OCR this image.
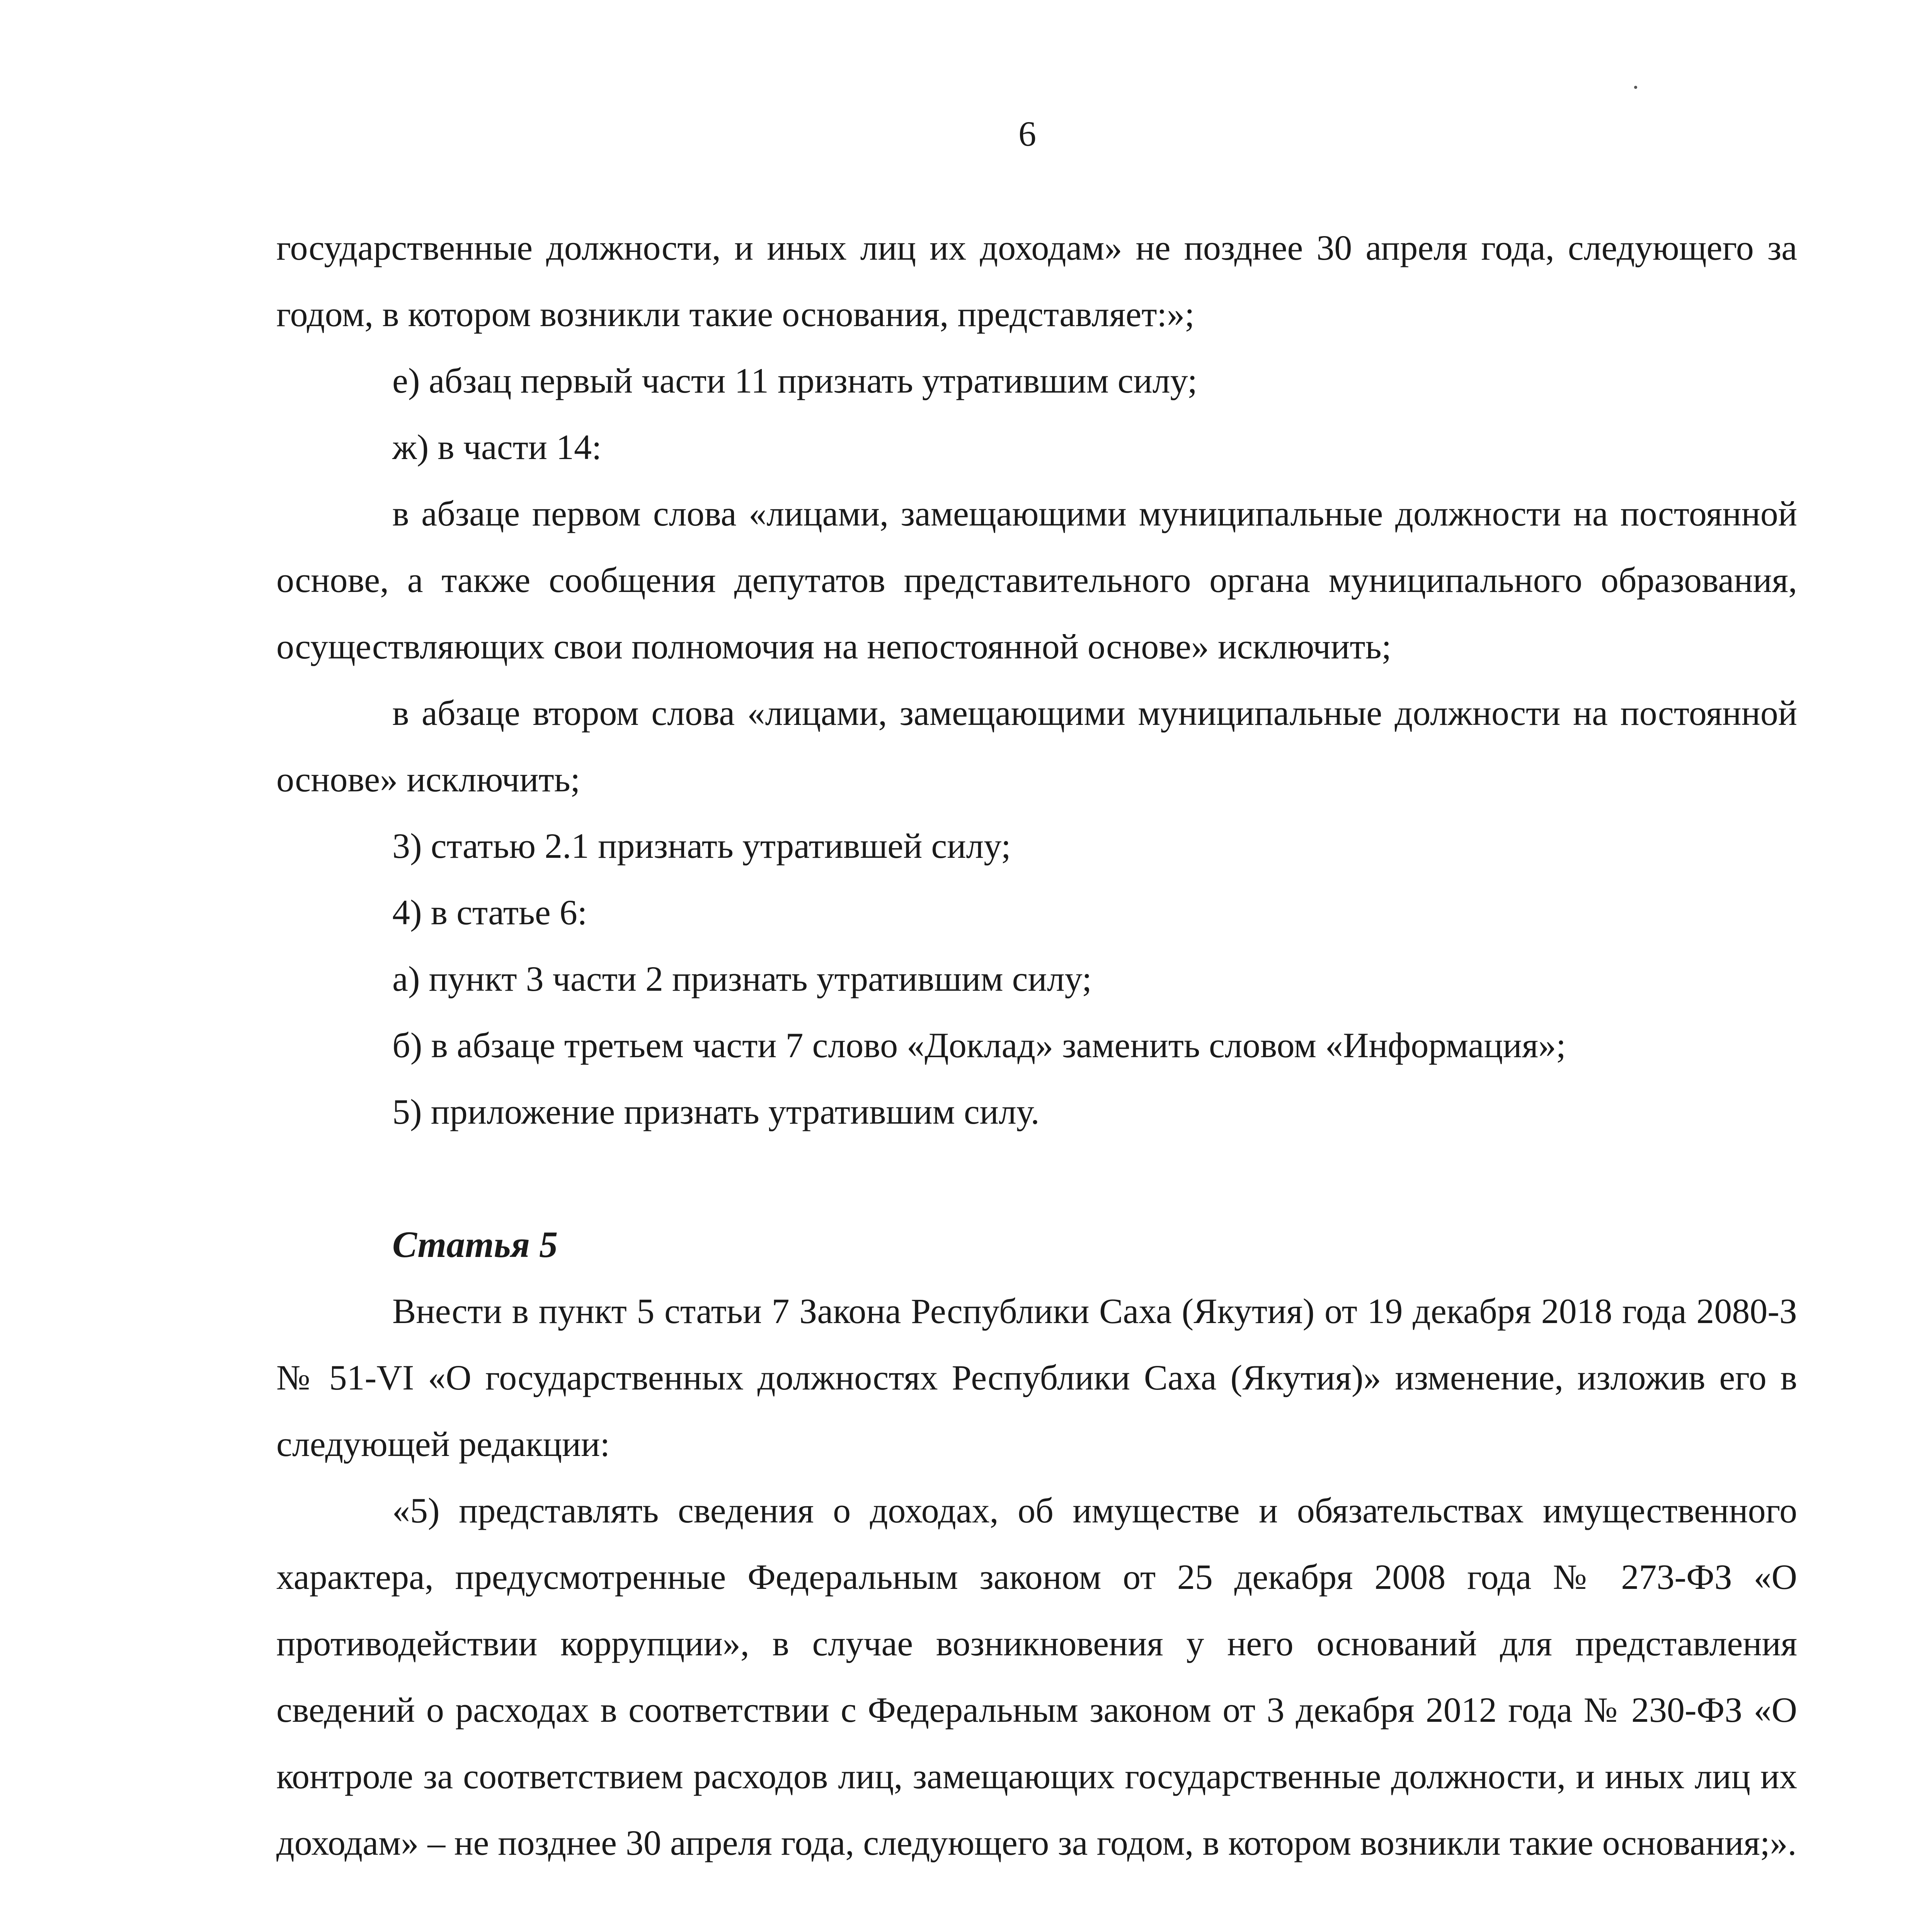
6

государственные должности, и иных лиц их доходам» не позднее 30 апреля года, следующего за годом, в котором возникли такие основания, представляет:»;

е) абзац первый части 11 признать утратившим силу;

ж) в части 14:

в абзаце первом слова «лицами, замещающими муниципальные должности на постоянной основе, а также сообщения депутатов представительного органа муниципального образования, осуществляющих свои полномочия на непостоянной основе» исключить;

в абзаце втором слова «лицами, замещающими муниципальные должности на постоянной основе» исключить;

3) статью 2.1 признать утратившей силу;

4) в статье 6:

а) пункт 3 части 2 признать утратившим силу;

б) в абзаце третьем части 7 слово «Доклад» заменить словом «Информация»;

5) приложение признать утратившим силу.

Статья 5

Внести в пункт 5 статьи 7 Закона Республики Саха (Якутия) от 19 декабря 2018 года 2080-З № 51-VI «О государственных должностях Республики Саха (Якутия)» изменение, изложив его в следующей редакции:

«5) представлять сведения о доходах, об имуществе и обязательствах имущественного характера, предусмотренные Федеральным законом от 25 декабря 2008 года № 273-ФЗ «О противодействии коррупции», в случае возникновения у него оснований для представления сведений о расходах в соответствии с Федеральным законом от 3 декабря 2012 года № 230-ФЗ «О контроле за соответствием расходов лиц, замещающих государственные должности, и иных лиц их доходам» – не позднее 30 апреля года, следующего за годом, в котором возникли такие основания;».
